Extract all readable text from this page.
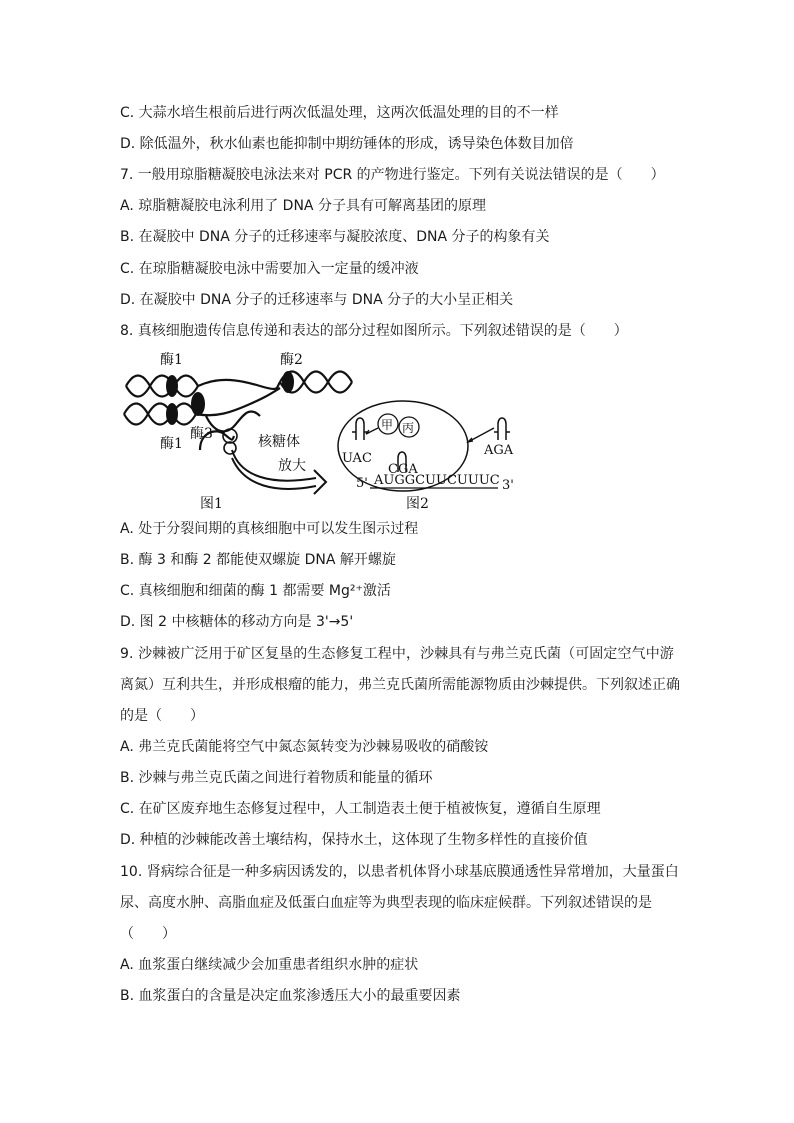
C. 大蒜水培生根前后进行两次低温处理，这两次低温处理的目的不一样
D. 除低温外，秋水仙素也能抑制中期纺锤体的形成，诱导染色体数目加倍
7. 一般用琼脂糖凝胶电泳法来对 PCR 的产物进行鉴定。下列有关说法错误的是（　　）
A. 琼脂糖凝胶电泳利用了 DNA 分子具有可解离基团的原理
B. 在凝胶中 DNA 分子的迁移速率与凝胶浓度、DNA 分子的构象有关
C. 在琼脂糖凝胶电泳中需要加入一定量的缓冲液
D. 在凝胶中 DNA 分子的迁移速率与 DNA 分子的大小呈正相关
8. 真核细胞遗传信息传递和表达的部分过程如图所示。下列叙述错误的是（　　）
酶1	酶2
酶1
酶3	核糖体
放大
图1
甲 丙
UAC
CGA
AGA
5' AUGGCUUCUUUC 3'
图2
A. 处于分裂间期的真核细胞中可以发生图示过程
B. 酶 3 和酶 2 都能使双螺旋 DNA 解开螺旋
C. 真核细胞和细菌的酶 1 都需要 Mg²⁺激活
D. 图 2 中核糖体的移动方向是 3'→5'
9. 沙棘被广泛用于矿区复垦的生态修复工程中，沙棘具有与弗兰克氏菌（可固定空气中游
离氮）互利共生，并形成根瘤的能力，弗兰克氏菌所需能源物质由沙棘提供。下列叙述正确
的是（　　）
A. 弗兰克氏菌能将空气中氮态氮转变为沙棘易吸收的硝酸铵
B. 沙棘与弗兰克氏菌之间进行着物质和能量的循环
C. 在矿区废弃地生态修复过程中，人工制造表土便于植被恢复，遵循自生原理
D. 种植的沙棘能改善土壤结构，保持水土，这体现了生物多样性的直接价值
10. 肾病综合征是一种多病因诱发的，以患者机体肾小球基底膜通透性异常增加，大量蛋白
尿、高度水肿、高脂血症及低蛋白血症等为典型表现的临床症候群。下列叙述错误的是
（　　）
A. 血浆蛋白继续减少会加重患者组织水肿的症状
B. 血浆蛋白的含量是决定血浆渗透压大小的最重要因素
